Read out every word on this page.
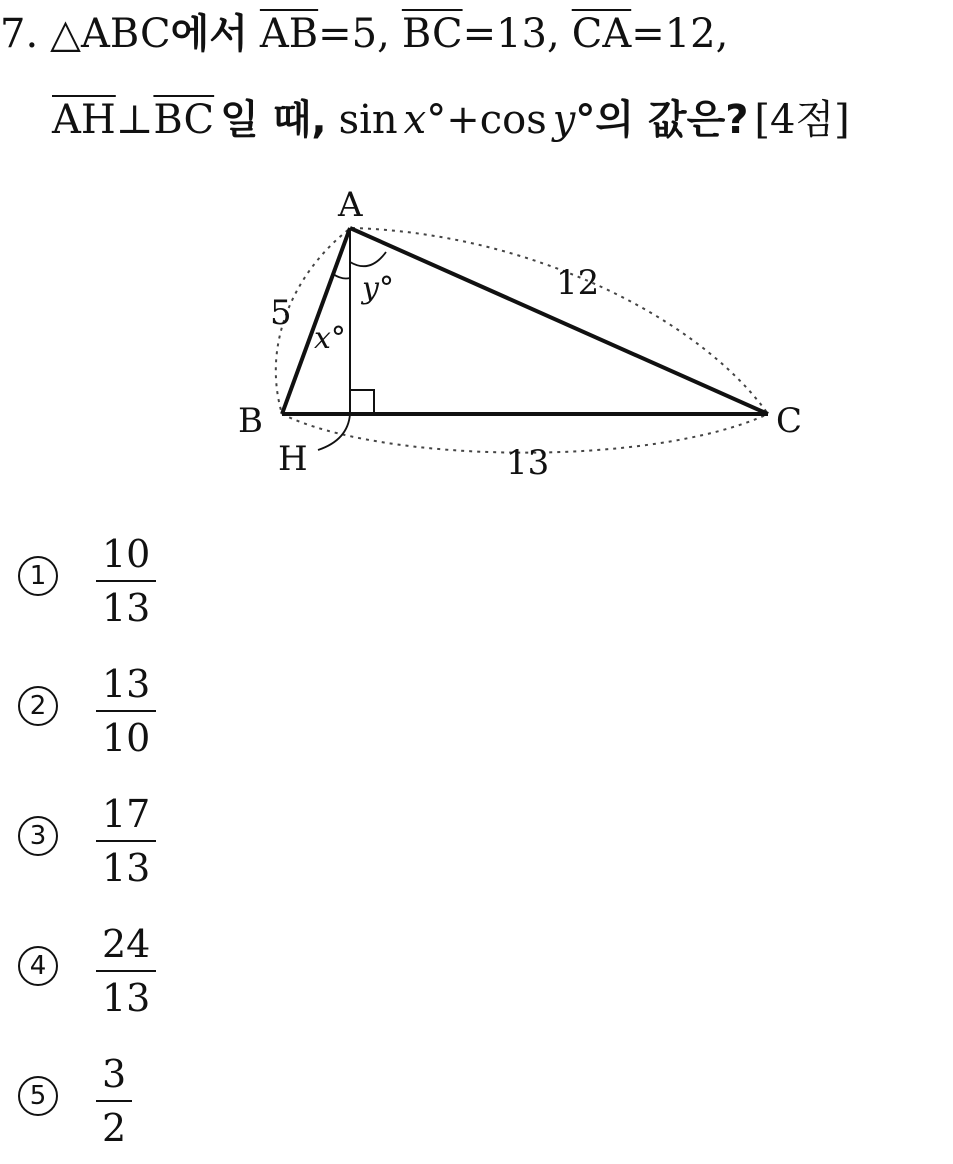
7. △ABC에서 $\overline{AB}=5$, $\overline{BC}=13$, $\overline{CA}=12$,
$\overline{AH}\perp\overline{BC}$ 일 때, sin x°+cos y°의 값은? [4점]
A
B	C
H
x°
y°
5
12
13
1	10
13
2	13
10
3	17
13
4	24
13
5	3
2
